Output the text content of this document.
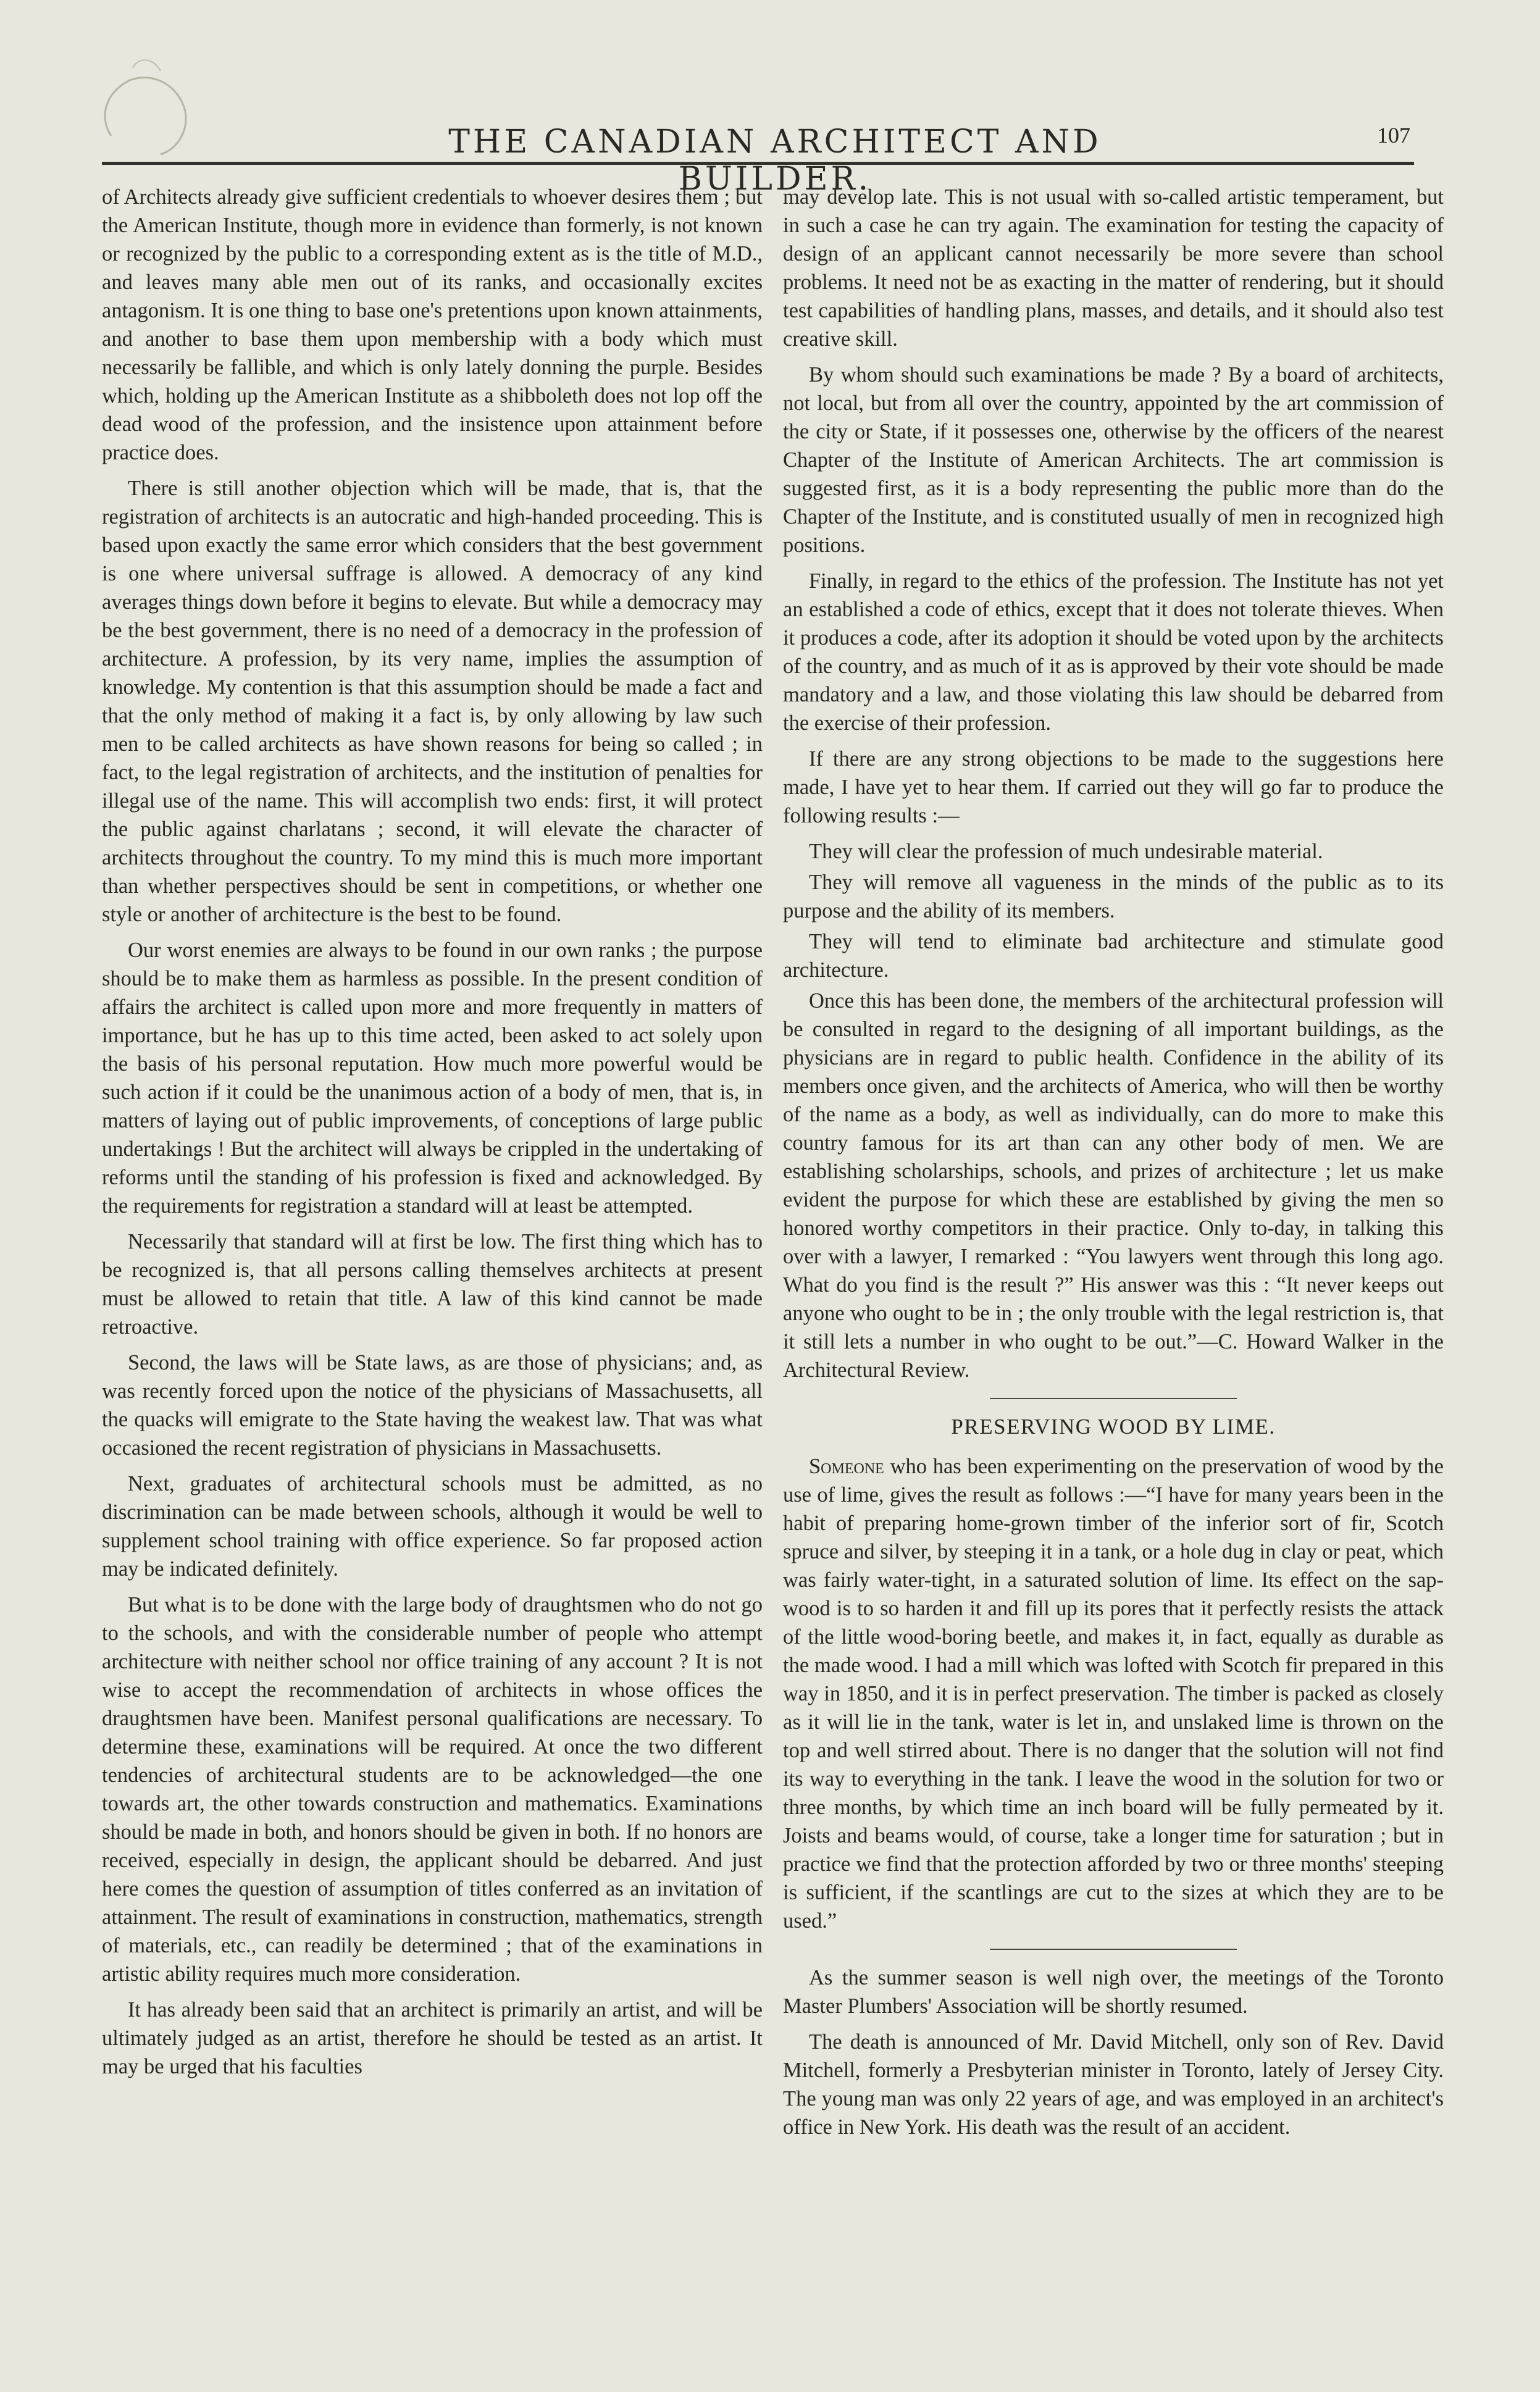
THE CANADIAN ARCHITECT AND BUILDER.
107

of Architects already give sufficient credentials to whoever desires them ; but the American Institute, though more in evidence than formerly, is not known or recognized by the public to a corresponding extent as is the title of M.D., and leaves many able men out of its ranks, and occasionally excites antagonism. It is one thing to base one's pretentions upon known attainments, and another to base them upon membership with a body which must necessarily be fallible, and which is only lately donning the purple. Besides which, holding up the American Institute as a shibboleth does not lop off the dead wood of the profession, and the insistence upon attainment before practice does.

There is still another objection which will be made, that is, that the registration of architects is an autocratic and high-handed proceeding. This is based upon exactly the same error which considers that the best government is one where universal suffrage is allowed. A democracy of any kind averages things down before it begins to elevate. But while a democracy may be the best government, there is no need of a democracy in the profession of architecture. A profession, by its very name, implies the assumption of knowledge. My contention is that this assumption should be made a fact and that the only method of making it a fact is, by only allowing by law such men to be called architects as have shown reasons for being so called ; in fact, to the legal registration of architects, and the institution of penalties for illegal use of the name. This will accomplish two ends: first, it will protect the public against charlatans ; second, it will elevate the character of architects throughout the country. To my mind this is much more important than whether perspectives should be sent in competitions, or whether one style or another of architecture is the best to be found.

Our worst enemies are always to be found in our own ranks ; the purpose should be to make them as harmless as possible. In the present condition of affairs the architect is called upon more and more frequently in matters of importance, but he has up to this time acted, been asked to act solely upon the basis of his personal reputation. How much more powerful would be such action if it could be the unanimous action of a body of men, that is, in matters of laying out of public improvements, of conceptions of large public undertakings ! But the architect will always be crippled in the undertaking of reforms until the standing of his profession is fixed and acknowledged. By the requirements for registration a standard will at least be attempted.

Necessarily that standard will at first be low. The first thing which has to be recognized is, that all persons calling themselves architects at present must be allowed to retain that title. A law of this kind cannot be made retroactive.

Second, the laws will be State laws, as are those of physicians; and, as was recently forced upon the notice of the physicians of Massachusetts, all the quacks will emigrate to the State having the weakest law. That was what occasioned the recent registration of physicians in Massachusetts.

Next, graduates of architectural schools must be admitted, as no discrimination can be made between schools, although it would be well to supplement school training with office experience. So far proposed action may be indicated definitely.

But what is to be done with the large body of draughtsmen who do not go to the schools, and with the considerable number of people who attempt architecture with neither school nor office training of any account ? It is not wise to accept the recommendation of architects in whose offices the draughtsmen have been. Manifest personal qualifications are necessary. To determine these, examinations will be required. At once the two different tendencies of architectural students are to be acknowledged—the one towards art, the other towards construction and mathematics. Examinations should be made in both, and honors should be given in both. If no honors are received, especially in design, the applicant should be debarred. And just here comes the question of assumption of titles conferred as an invitation of attainment. The result of examinations in construction, mathematics, strength of materials, etc., can readily be determined ; that of the examinations in artistic ability requires much more consideration.

It has already been said that an architect is primarily an artist, and will be ultimately judged as an artist, therefore he should be tested as an artist. It may be urged that his faculties

may develop late. This is not usual with so-called artistic temperament, but in such a case he can try again. The examination for testing the capacity of design of an applicant cannot necessarily be more severe than school problems. It need not be as exacting in the matter of rendering, but it should test capabilities of handling plans, masses, and details, and it should also test creative skill.

By whom should such examinations be made ? By a board of architects, not local, but from all over the country, appointed by the art commission of the city or State, if it possesses one, otherwise by the officers of the nearest Chapter of the Institute of American Architects. The art commission is suggested first, as it is a body representing the public more than do the Chapter of the Institute, and is constituted usually of men in recognized high positions.

Finally, in regard to the ethics of the profession. The Institute has not yet an established a code of ethics, except that it does not tolerate thieves. When it produces a code, after its adoption it should be voted upon by the architects of the country, and as much of it as is approved by their vote should be made mandatory and a law, and those violating this law should be debarred from the exercise of their profession.

If there are any strong objections to be made to the suggestions here made, I have yet to hear them. If carried out they will go far to produce the following results :—

They will clear the profession of much undesirable material.

They will remove all vagueness in the minds of the public as to its purpose and the ability of its members.

They will tend to eliminate bad architecture and stimulate good architecture.

Once this has been done, the members of the architectural profession will be consulted in regard to the designing of all important buildings, as the physicians are in regard to public health. Confidence in the ability of its members once given, and the architects of America, who will then be worthy of the name as a body, as well as individually, can do more to make this country famous for its art than can any other body of men. We are establishing scholarships, schools, and prizes of architecture ; let us make evident the purpose for which these are established by giving the men so honored worthy competitors in their practice. Only to-day, in talking this over with a lawyer, I remarked : “You lawyers went through this long ago. What do you find is the result ?” His answer was this : “It never keeps out anyone who ought to be in ; the only trouble with the legal restriction is, that it still lets a number in who ought to be out.”—C. Howard Walker in the Architectural Review.

PRESERVING WOOD BY LIME.

Someone who has been experimenting on the preservation of wood by the use of lime, gives the result as follows :—“I have for many years been in the habit of preparing home-grown timber of the inferior sort of fir, Scotch spruce and silver, by steeping it in a tank, or a hole dug in clay or peat, which was fairly water-tight, in a saturated solution of lime. Its effect on the sap-wood is to so harden it and fill up its pores that it perfectly resists the attack of the little wood-boring beetle, and makes it, in fact, equally as durable as the made wood. I had a mill which was lofted with Scotch fir prepared in this way in 1850, and it is in perfect preservation. The timber is packed as closely as it will lie in the tank, water is let in, and unslaked lime is thrown on the top and well stirred about. There is no danger that the solution will not find its way to everything in the tank. I leave the wood in the solution for two or three months, by which time an inch board will be fully permeated by it. Joists and beams would, of course, take a longer time for saturation ; but in practice we find that the protection afforded by two or three months' steeping is sufficient, if the scantlings are cut to the sizes at which they are to be used.”

As the summer season is well nigh over, the meetings of the Toronto Master Plumbers' Association will be shortly resumed.

The death is announced of Mr. David Mitchell, only son of Rev. David Mitchell, formerly a Presbyterian minister in Toronto, lately of Jersey City. The young man was only 22 years of age, and was employed in an architect's office in New York. His death was the result of an accident.
